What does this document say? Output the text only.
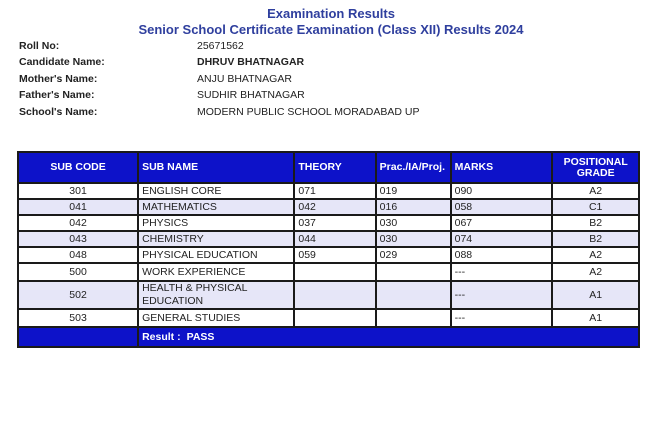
Examination Results
Senior School Certificate Examination (Class XII) Results 2024
Roll No:	25671562
Candidate Name:	DHRUV BHATNAGAR
Mother's Name:	ANJU BHATNAGAR
Father's Name:	SUDHIR BHATNAGAR
School's Name:	MODERN PUBLIC SCHOOL MORADABAD UP
SUB CODE	SUB NAME	THEORY	Prac./IA/Proj.	MARKS	POSITIONAL GRADE
301	ENGLISH CORE	071	019	090	A2
041	MATHEMATICS	042	016	058	C1
042	PHYSICS	037	030	067	B2
043	CHEMISTRY	044	030	074	B2
048	PHYSICAL EDUCATION	059	029	088	A2
500	WORK EXPERIENCE			---	A2
502	HEALTH & PHYSICAL EDUCATION			---	A1
503	GENERAL STUDIES			---	A1
	Result : PASS				
